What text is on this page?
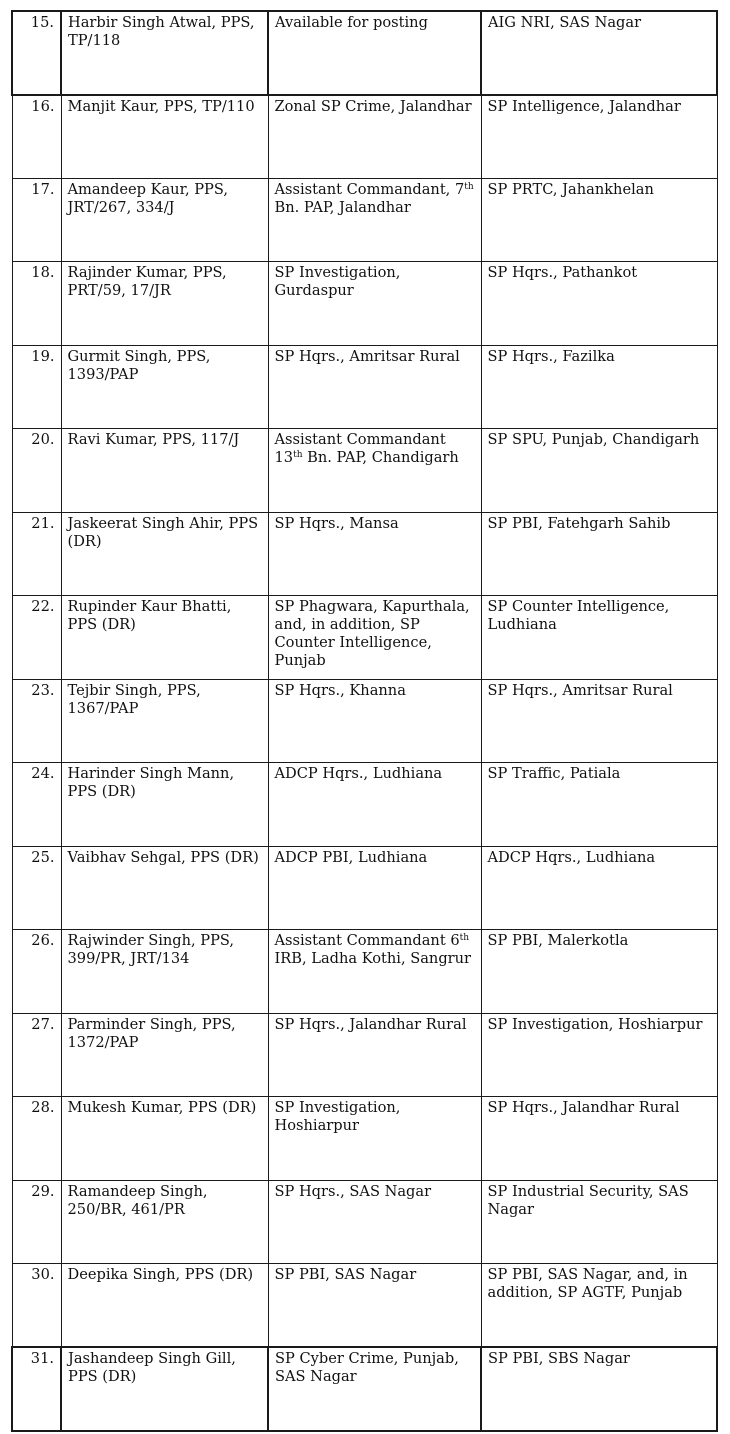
15.	Harbir Singh Atwal, PPS, TP/118	Available for posting	AIG NRI, SAS Nagar
16.	Manjit Kaur, PPS, TP/110	Zonal SP Crime, Jalandhar	SP Intelligence, Jalandhar
17.	Amandeep Kaur, PPS, JRT/267, 334/J	Assistant Commandant, 7th Bn. PAP, Jalandhar	SP PRTC, Jahankhelan
18.	Rajinder Kumar, PPS, PRT/59, 17/JR	SP Investigation, Gurdaspur	SP Hqrs., Pathankot
19.	Gurmit Singh, PPS, 1393/PAP	SP Hqrs., Amritsar Rural	SP Hqrs., Fazilka
20.	Ravi Kumar, PPS, 117/J	Assistant Commandant 13th Bn. PAP, Chandigarh	SP SPU, Punjab, Chandigarh
21.	Jaskeerat Singh Ahir, PPS (DR)	SP Hqrs., Mansa	SP PBI, Fatehgarh Sahib
22.	Rupinder Kaur Bhatti, PPS (DR)	SP Phagwara, Kapurthala, and, in addition, SP Counter Intelligence, Punjab	SP Counter Intelligence, Ludhiana
23.	Tejbir Singh, PPS, 1367/PAP	SP Hqrs., Khanna	SP Hqrs., Amritsar Rural
24.	Harinder Singh Mann, PPS (DR)	ADCP Hqrs., Ludhiana	SP Traffic, Patiala
25.	Vaibhav Sehgal, PPS (DR)	ADCP PBI, Ludhiana	ADCP Hqrs., Ludhiana
26.	Rajwinder Singh, PPS, 399/PR, JRT/134	Assistant Commandant 6th IRB, Ladha Kothi, Sangrur	SP PBI, Malerkotla
27.	Parminder Singh, PPS, 1372/PAP	SP Hqrs., Jalandhar Rural	SP Investigation, Hoshiarpur
28.	Mukesh Kumar, PPS (DR)	SP Investigation, Hoshiarpur	SP Hqrs., Jalandhar Rural
29.	Ramandeep Singh, 250/BR, 461/PR	SP Hqrs., SAS Nagar	SP Industrial Security, SAS Nagar
30.	Deepika Singh, PPS (DR)	SP PBI, SAS Nagar	SP PBI, SAS Nagar, and, in addition, SP AGTF, Punjab
31.	Jashandeep Singh Gill, PPS (DR)	SP Cyber Crime, Punjab, SAS Nagar	SP PBI, SBS Nagar
